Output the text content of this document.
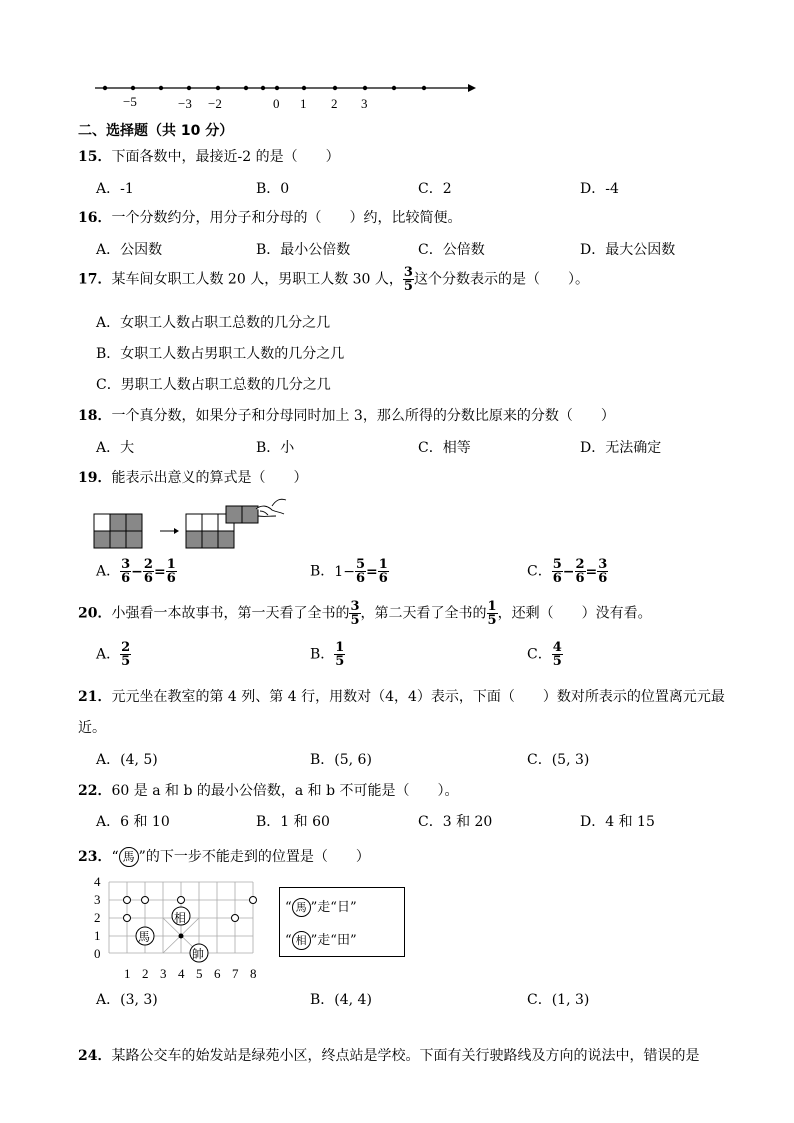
−5	−3 −2	0 1 2 3
二、选择题（共 10 分）
15．下面各数中，最接近-2 的是（　　）
A．-1	B．0	C．2	D．-4
16．一个分数约分，用分子和分母的（　　）约，比较简便。
A．公因数	B．最小公倍数	C．公倍数	D．最大公因数
17．某车间女职工人数 20 人，男职工人数 30 人， $\frac{3}{5}$ 这个分数表示的是（　　）。
A．女职工人数占职工总数的几分之几
B．女职工人数占男职工人数的几分之几
C．男职工人数占职工总数的几分之几
18．一个真分数，如果分子和分母同时加上 3，那么所得的分数比原来的分数（　　）
A．大	B．小	C．相等	D．无法确定
19．能表示出意义的算式是（　　）
A． $\frac{3}{6} - \frac{2}{6} = \frac{1}{6}$	B．$1- \frac{5}{6} = \frac{1}{6}$	C． $\frac{5}{6} - \frac{2}{6} = \frac{3}{6}$
20．小强看一本故事书，第一天看了全书的 $\frac{3}{5}$ ，第二天看了全书的 $\frac{1}{5}$ ，还剩（　　）没有看。
A． $\frac{2}{5}$	B． $\frac{1}{5}$	C． $\frac{4}{5}$
21．元元坐在教室的第 4 列、第 4 行，用数对（4，4）表示，下面（　　）数对所表示的位置离元元最
近。
A．(4, 5)	B．(5, 6)	C．(5, 3)
22．60 是 a 和 b 的最小公倍数，a 和 b 不可能是（　　）。
A．6 和 10	B．1 和 60	C．3 和 20	D．4 和 15
23．“ 馬 ”的下一步不能走到的位置是（　　）
馬
相
帥
4
3
2
1
0
1 2 3 4 5 6 7 8
“ 馬 ”走“日”
“ 相 ”走“田”
A．(3, 3)	B．(4, 4)	C．(1, 3)
24．某路公交车的始发站是绿苑小区，终点站是学校。下面有关行驶路线及方向的说法中，错误的是
